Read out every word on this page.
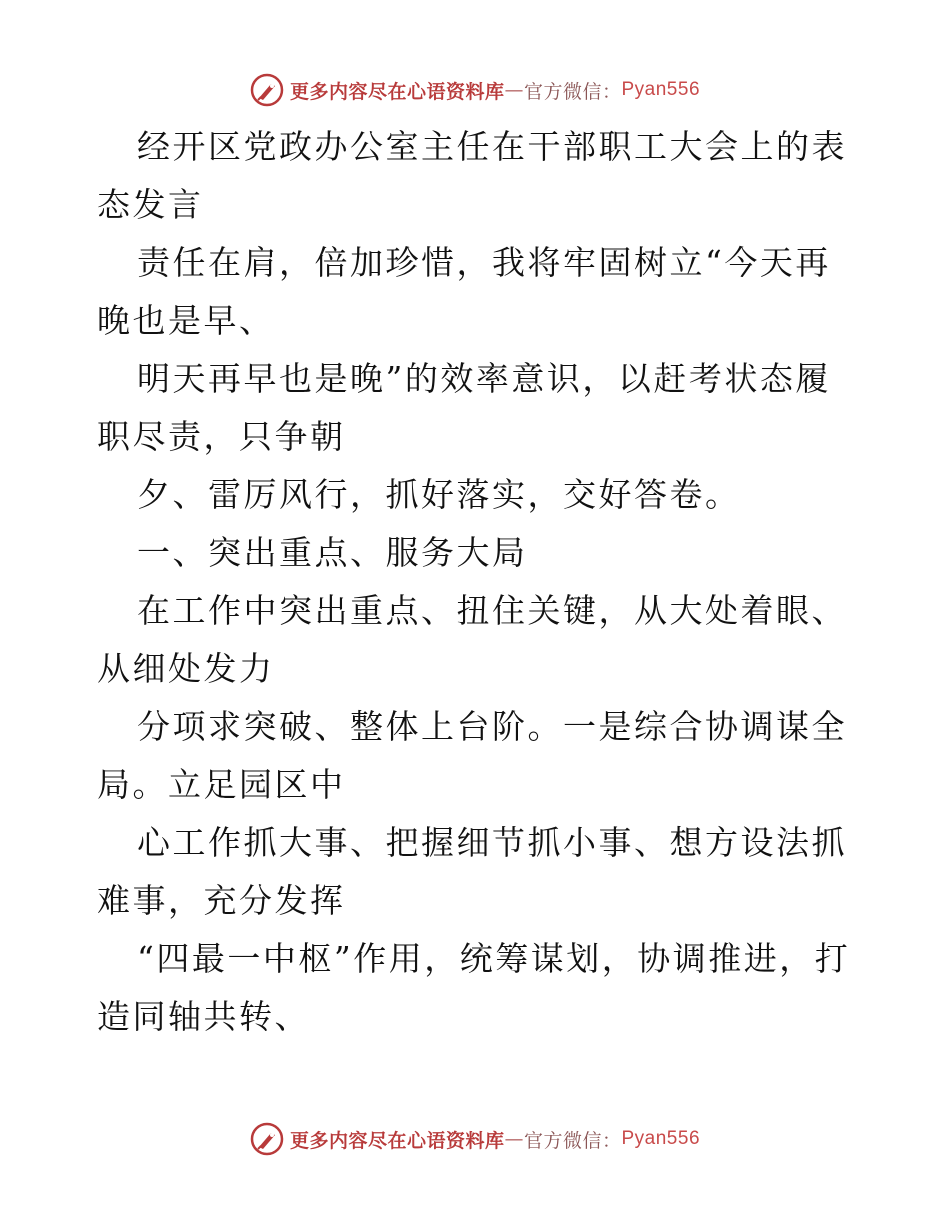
更多内容尽在心语资料库 — 官方微信： Pyan556

经开区党政办公室主任在干部职工大会上的表态发言

责任在肩，倍加珍惜，我将牢固树立“今天再晚也是早、

明天再早也是晚”的效率意识，以赶考状态履职尽责，只争朝

夕、雷厉风行，抓好落实，交好答卷。

一、突出重点、服务大局

在工作中突出重点、扭住关键，从大处着眼、从细处发力

分项求突破、整体上台阶。一是综合协调谋全局。立足园区中

心工作抓大事、把握细节抓小事、想方设法抓难事，充分发挥

“四最一中枢”作用，统筹谋划，协调推进，打造同轴共转、

更多内容尽在心语资料库 — 官方微信： Pyan556
